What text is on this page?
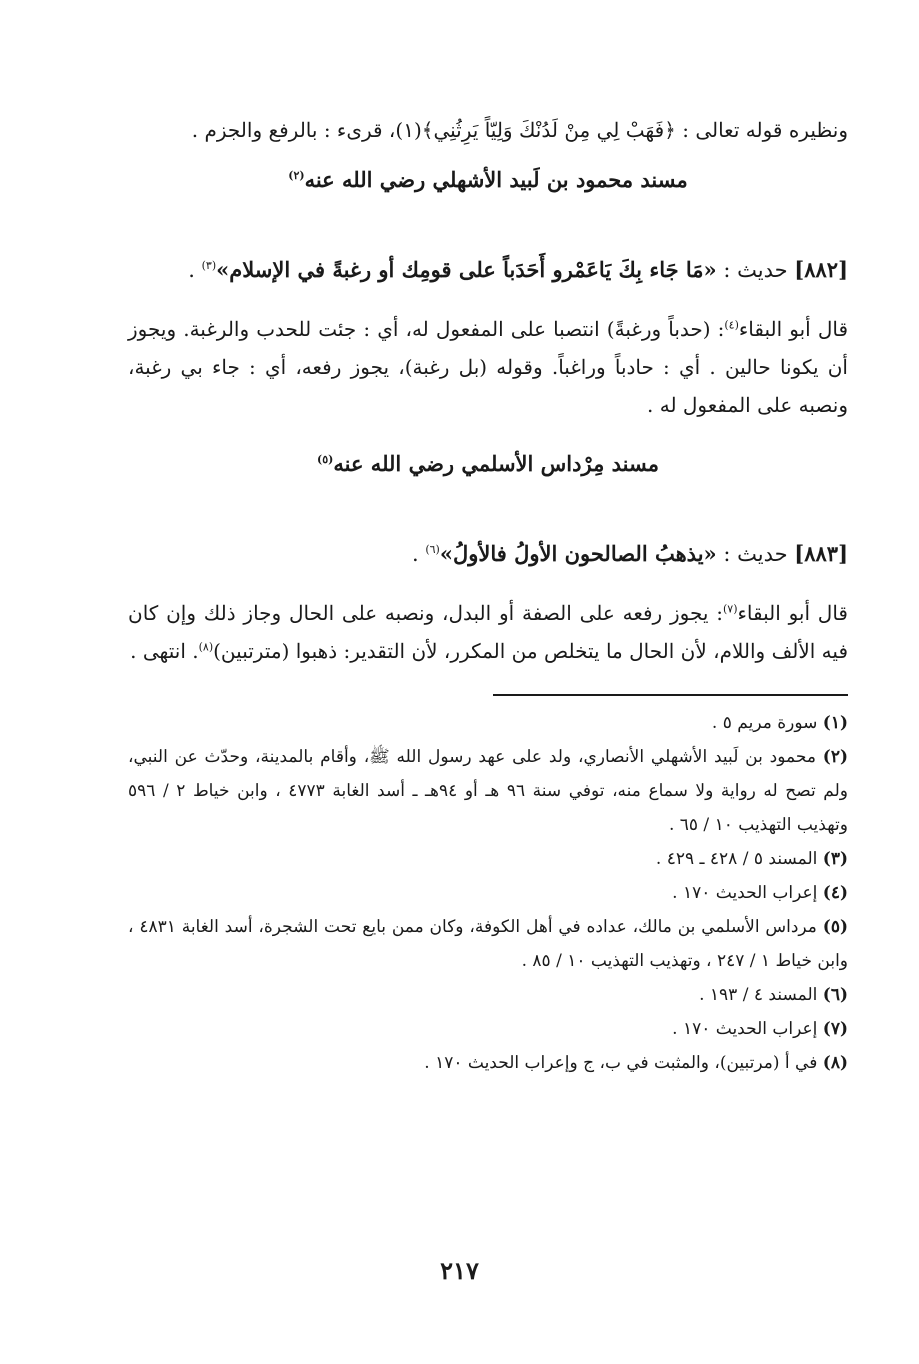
ونظيره قوله تعالى : ﴿فَهَبْ لِي مِنْ لَدُنْكَ وَلِيّاً يَرِثُنِي﴾(١)، قرىء : بالرفع والجزم .
مسند محمود بن لَبيد الأشهلي رضي الله عنه$^{(٢)}$
[٨٨٢] حديث : «مَا جَاء بِكَ يَاعَمْرو أَحَدَباً على قومِك أو رغبةً في الإسلام»$^{(٣)}$ .
قال أبو البقاء$^{(٤)}$: (حدباً ورغبةً) انتصبا على المفعول له، أي : جئت للحدب والرغبة. ويجوز أن يكونا حالين . أي : حادباً وراغباً. وقوله (بل رغبة)، يجوز رفعه، أي : جاء بي رغبة، ونصبه على المفعول له .
مسند مِرْداس الأسلمي رضي الله عنه$^{(٥)}$
[٨٨٣] حديث : «يذهبُ الصالحون الأولُ فالأولُ»$^{(٦)}$ .
قال أبو البقاء$^{(٧)}$: يجوز رفعه على الصفة أو البدل، ونصبه على الحال وجاز ذلك وإن كان فيه الألف واللام، لأن الحال ما يتخلص من المكرر، لأن التقدير: ذهبوا (مترتبين)$^{(٨)}$. انتهى .
(١) سورة مريم ٥ .
(٢) محمود بن لَبيد الأشهلي الأنصاري، ولد على عهد رسول الله ﷺ، وأقام بالمدينة، وحدّث عن النبي، ولم تصح له رواية ولا سماع منه، توفي سنة ٩٦ هـ أو ٩٤هـ ـ أسد الغابة ٤٧٧٣ ، وابن خياط ٢ / ٥٩٦ وتهذيب التهذيب ١٠ / ٦٥ .
(٣) المسند ٥ / ٤٢٨ ـ ٤٢٩ .
(٤) إعراب الحديث ١٧٠ .
(٥) مرداس الأسلمي بن مالك، عداده في أهل الكوفة، وكان ممن بايع تحت الشجرة، أسد الغابة ٤٨٣١ ، وابن خياط ١ / ٢٤٧ ، وتهذيب التهذيب ١٠ / ٨٥ .
(٦) المسند ٤ / ١٩٣ .
(٧) إعراب الحديث ١٧٠ .
(٨) في أ (مرتبين)، والمثبت في ب، ج وإعراب الحديث ١٧٠ .
٢١٧
